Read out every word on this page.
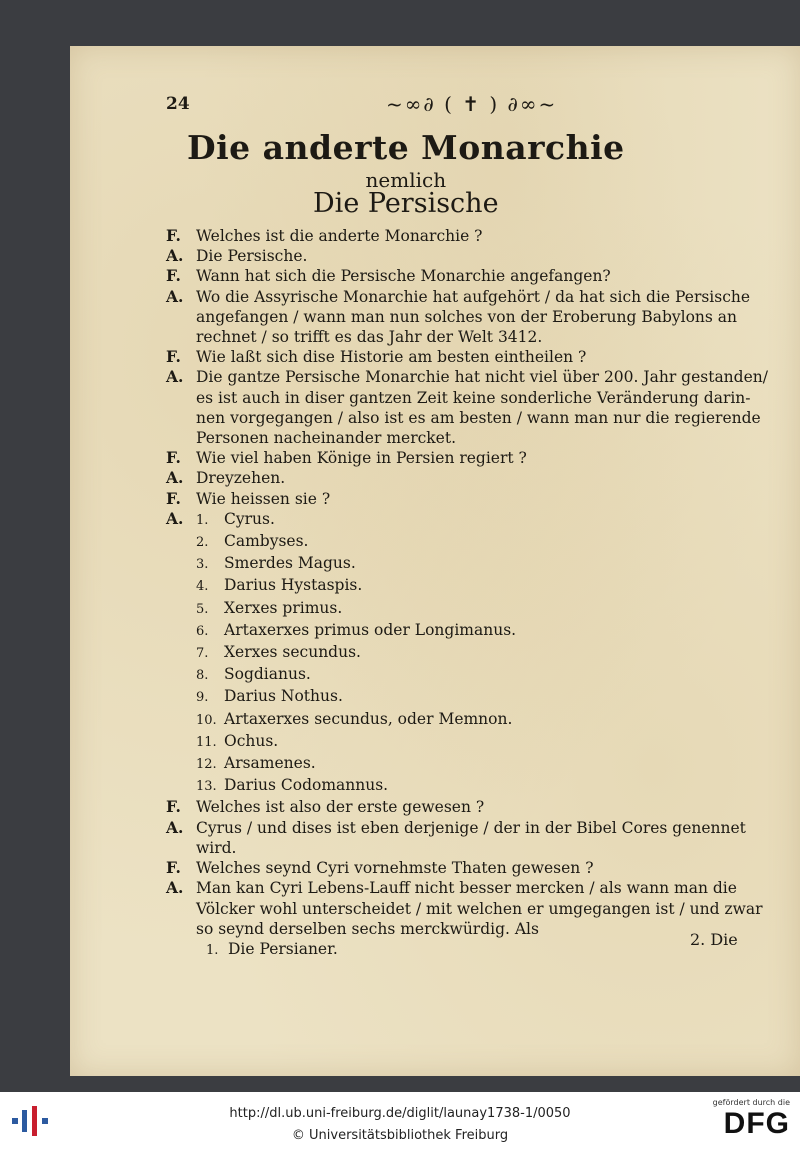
24	~∞∂ ( ✝ ) ∂∞~
Die anderte Monarchie
nemlich
Die Persische
F. Welches ist die anderte Monarchie ?
A. Die Persische.
F. Wann hat sich die Persische Monarchie angefangen?
A. Wo die Assyrische Monarchie hat aufgehört / da hat sich die Persische
angefangen / wann man nun solches von der Eroberung Babylons an
rechnet / so trifft es das Jahr der Welt 3412.
F. Wie laßt sich dise Historie am besten eintheilen ?
A. Die gantze Persische Monarchie hat nicht viel über 200. Jahr gestanden/
es ist auch in diser gantzen Zeit keine sonderliche Veränderung darin-
nen vorgegangen / also ist es am besten / wann man nur die regierende
Personen nacheinander mercket.
F. Wie viel haben Könige in Persien regiert ?
A. Dreyzehen.
F. Wie heissen sie ?
A. 1. Cyrus.
2. Cambyses.
3. Smerdes Magus.
4. Darius Hystaspis.
5. Xerxes primus.
6. Artaxerxes primus oder Longimanus.
7. Xerxes secundus.
8. Sogdianus.
9. Darius Nothus.
10. Artaxerxes secundus, oder Memnon.
11. Ochus.
12. Arsamenes.
13. Darius Codomannus.
F. Welches ist also der erste gewesen ?
A. Cyrus / und dises ist eben derjenige / der in der Bibel Cores genennet
wird.
F. Welches seynd Cyri vornehmste Thaten gewesen ?
A. Man kan Cyri Lebens-Lauff nicht besser mercken / als wann man die
Völcker wohl unterscheidet / mit welchen er umgegangen ist / und zwar
so seynd derselben sechs merckwürdig. Als
1. Die Persianer.	2. Die
http://dl.ub.uni-freiburg.de/diglit/launay1738-1/0050
© Universitätsbibliothek Freiburg
gefördert durch die
DFG
